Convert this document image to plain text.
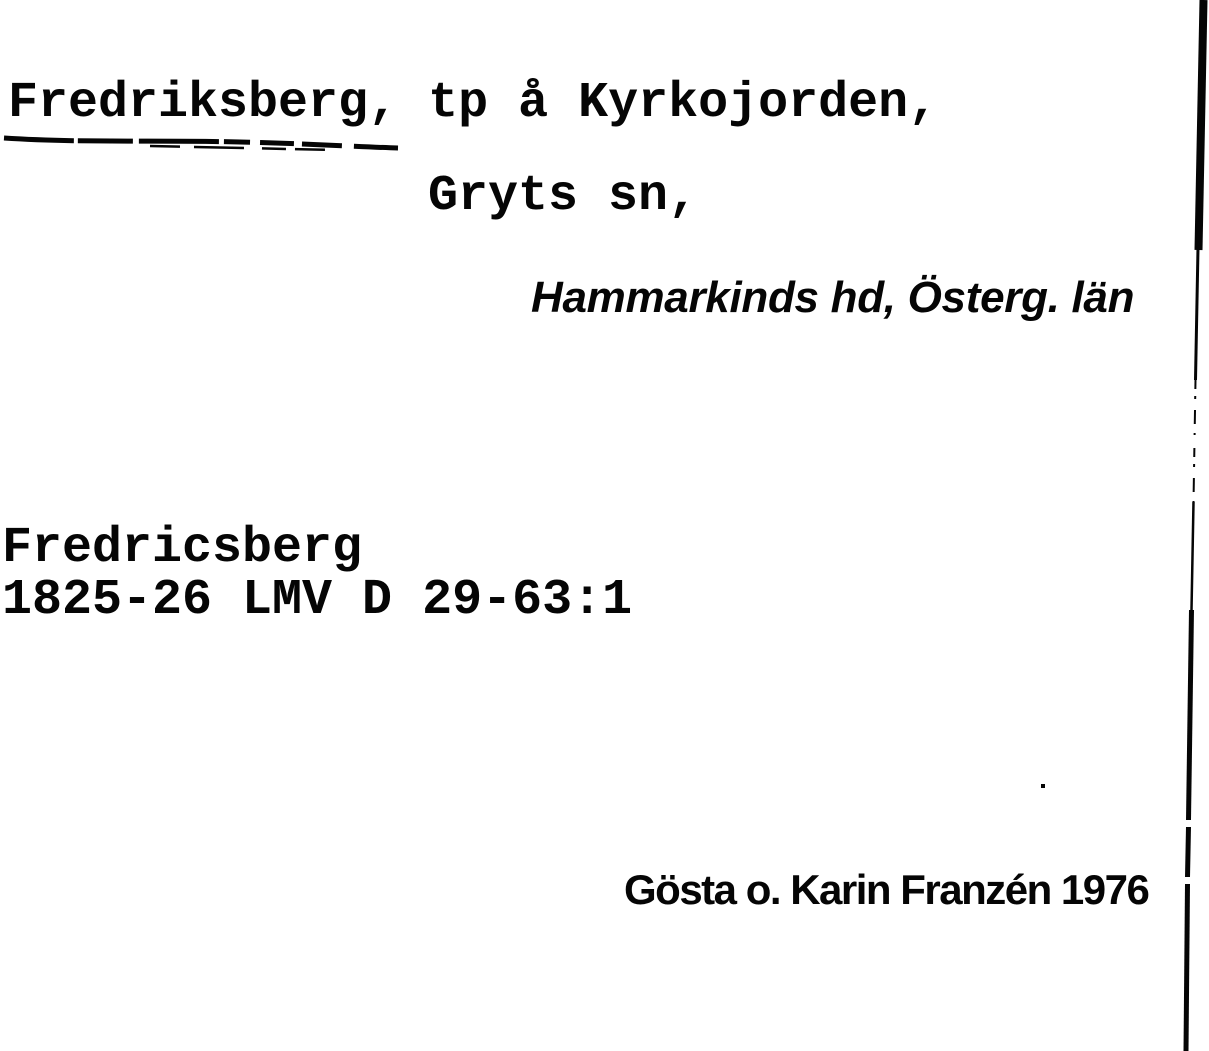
Fredriksberg, tp å Kyrkojorden,
Gryts sn,
Hammarkinds hd, Österg. län
Fredricsberg
1825-26 LMV D 29-63:1
Gösta o. Karin Franzén 1976
